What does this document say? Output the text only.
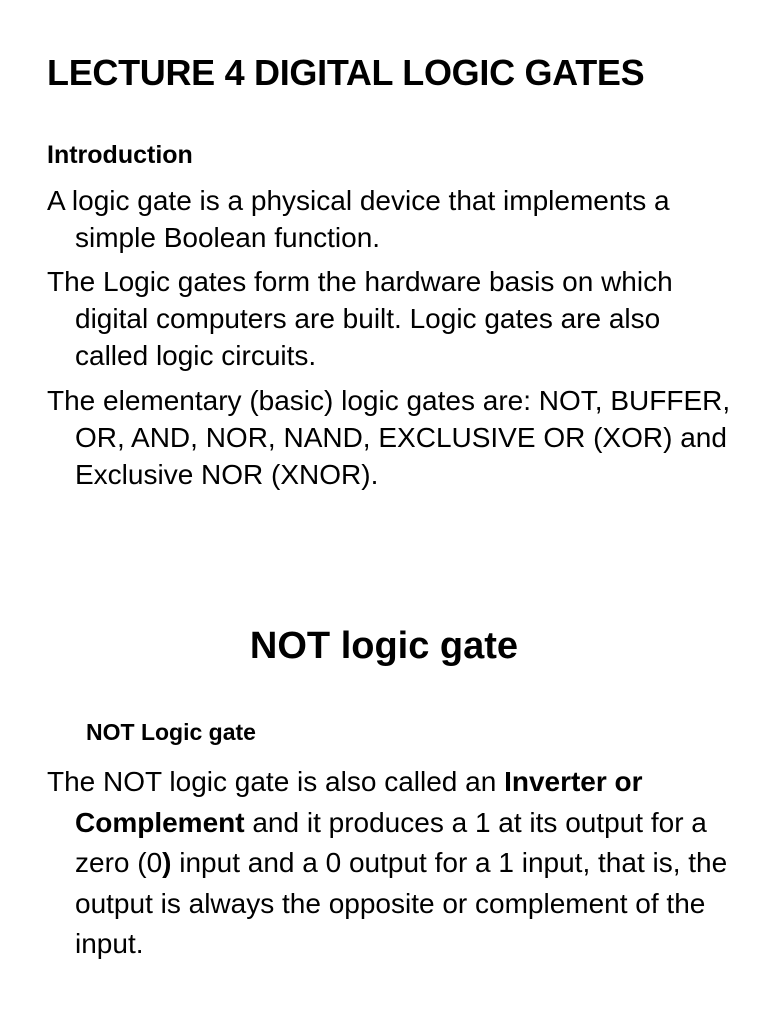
LECTURE 4 DIGITAL LOGIC GATES
Introduction

A logic gate is a physical device that implements a simple Boolean function.

The Logic gates form the hardware basis on which digital computers are built. Logic gates are also called logic circuits.

The elementary (basic) logic gates are: NOT, BUFFER, OR, AND, NOR, NAND, EXCLUSIVE OR (XOR) and Exclusive NOR (XNOR).

NOT logic gate
NOT Logic gate

The NOT logic gate is also called an Inverter or Complement and it produces a 1 at its output for a zero (0) input and a 0 output for a 1 input, that is, the output is always the opposite or complement of the input.
